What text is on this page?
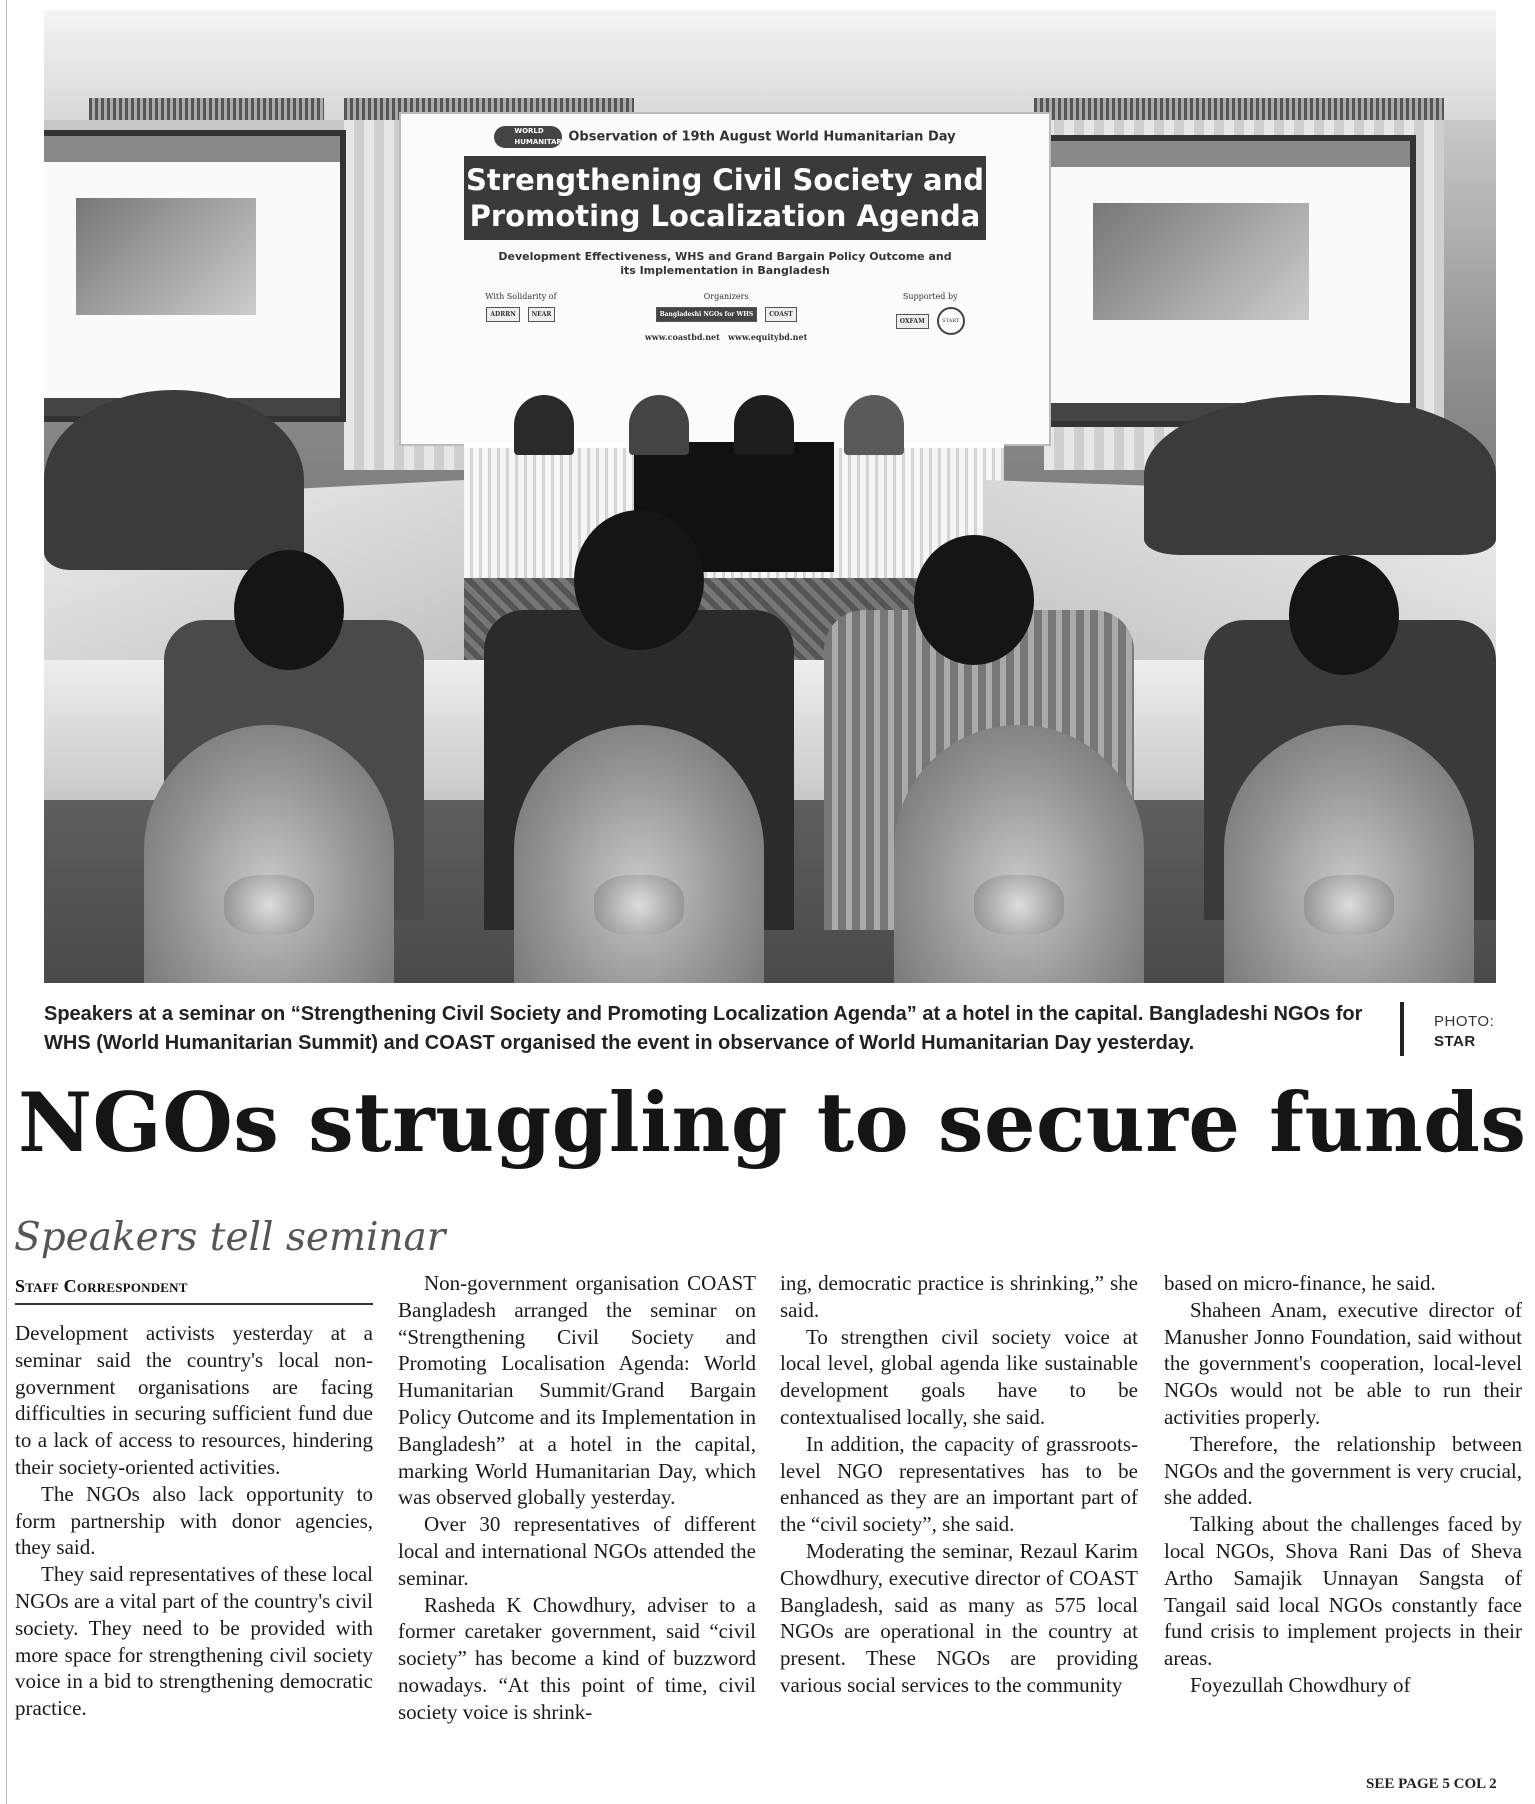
WORLD HUMANITARIAN DAYObservation of 19th August World Humanitarian Day
Strengthening Civil Society and
Promoting Localization Agenda
Development Effectiveness, WHS and Grand Bargain Policy Outcome and its Implementation in Bangladesh
With Solidarity of
ADRRN	NEAR
Organizers
Bangladeshi NGOs for WHS	COAST
www.coastbd.net www.equitybd.net
Supported by
OXFAM	START
Speakers at a seminar on “Strengthening Civil Society and Promoting Localization Agenda” at a hotel in the capital. Bangladeshi NGOs for WHS (World Humanitarian Summit) and COAST organised the event in observance of World Humanitarian Day yesterday.
PHOTO:
STAR
NGOs struggling to secure funds
Speakers tell seminar
Staff Correspondent

Development activists yesterday at a seminar said the country's local non-government organisations are facing difficulties in securing sufficient fund due to a lack of access to resources, hindering their society-oriented activities.

The NGOs also lack opportunity to form partnership with donor agencies, they said.

They said representatives of these local NGOs are a vital part of the country's civil society. They need to be provided with more space for strengthening civil society voice in a bid to strengthening democratic practice.

Non-government organisation COAST Bangladesh arranged the seminar on “Strengthening Civil Society and Promoting Localisation Agenda: World Humanitarian Summit/Grand Bargain Policy Outcome and its Implementation in Bangladesh” at a hotel in the capital, marking World Humanitarian Day, which was observed globally yesterday.

Over 30 representatives of different local and international NGOs attended the seminar.

Rasheda K Chowdhury, adviser to a former caretaker government, said “civil society” has become a kind of buzzword nowadays. “At this point of time, civil society voice is shrink-

ing, democratic practice is shrinking,” she said.

To strengthen civil society voice at local level, global agenda like sustainable development goals have to be contextualised locally, she said.

In addition, the capacity of grassroots-level NGO representatives has to be enhanced as they are an important part of the “civil society”, she said.

Moderating the seminar, Rezaul Karim Chowdhury, executive director of COAST Bangladesh, said as many as 575 local NGOs are operational in the country at present. These NGOs are providing various social services to the community

based on micro-finance, he said.

Shaheen Anam, executive director of Manusher Jonno Foundation, said without the government's cooperation, local-level NGOs would not be able to run their activities properly.

Therefore, the relationship between NGOs and the government is very crucial, she added.

Talking about the challenges faced by local NGOs, Shova Rani Das of Sheva Artho Samajik Unnayan Sangsta of Tangail said local NGOs constantly face fund crisis to implement projects in their areas.

Foyezullah Chowdhury of

SEE PAGE 5 COL 2
